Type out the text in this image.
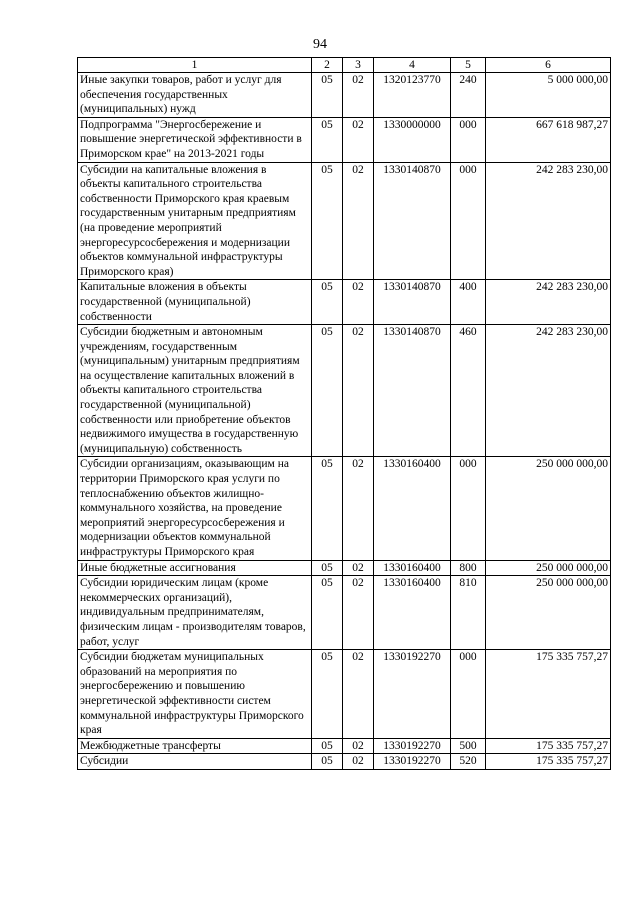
94
1	2	3	4	5	6
Иные закупки товаров, работ и услуг для обеспечения государственных (муниципальных) нужд	05	02	1320123770	240	5 000 000,00
Подпрограмма "Энергосбережение и повышение энергетической эффективности в Приморском крае" на 2013-2021 годы	05	02	1330000000	000	667 618 987,27
Субсидии на капитальные вложения в объекты капитального строительства собственности Приморского края краевым государственным унитарным предприятиям (на проведение мероприятий энергоресурсосбережения и модернизации объектов коммунальной инфраструктуры Приморского края)	05	02	1330140870	000	242 283 230,00
Капитальные вложения в объекты государственной (муниципальной) собственности	05	02	1330140870	400	242 283 230,00
Субсидии бюджетным и автономным учреждениям, государственным (муниципальным) унитарным предприятиям на осуществление капитальных вложений в объекты капитального строительства государственной (муниципальной) собственности или приобретение объектов недвижимого имущества в государственную (муниципальную) собственность	05	02	1330140870	460	242 283 230,00
Субсидии организациям, оказывающим на территории Приморского края услуги по теплоснабжению объектов жилищно-коммунального хозяйства, на проведение мероприятий энергоресурсосбережения и модернизации объектов коммунальной инфраструктуры Приморского края	05	02	1330160400	000	250 000 000,00
Иные бюджетные ассигнования	05	02	1330160400	800	250 000 000,00
Субсидии юридическим лицам (кроме некоммерческих организаций), индивидуальным предпринимателям, физическим лицам - производителям товаров, работ, услуг	05	02	1330160400	810	250 000 000,00
Субсидии бюджетам муниципальных образований на мероприятия по энергосбережению и повышению энергетической эффективности систем коммунальной инфраструктуры Приморского края	05	02	1330192270	000	175 335 757,27
Межбюджетные трансферты	05	02	1330192270	500	175 335 757,27
Субсидии	05	02	1330192270	520	175 335 757,27
